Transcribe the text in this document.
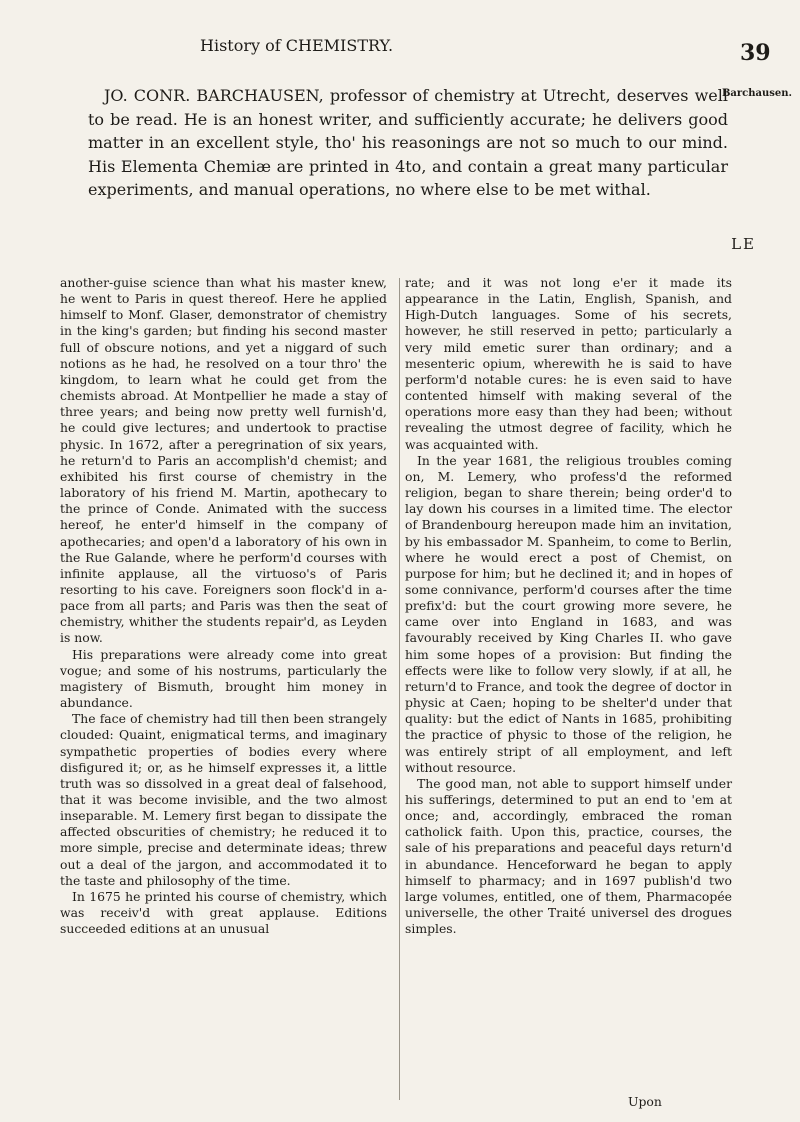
History of CHEMISTRY.	39
Barchausen.

JO. CONR. BARCHAUSEN, professor of chemistry at Utrecht, deserves well to be read. He is an honest writer, and sufficiently accurate; he delivers good matter in an excellent style, tho' his reasonings are not so much to our mind. His Elementa Chemiæ are printed in 4to, and contain a great many particular experiments, and manual operations, no where else to be met withal.

LE

another-guise science than what his master knew, he went to Paris in quest thereof. Here he applied himself to Monf. Glaser, demonstrator of chemistry in the king's garden; but finding his second master full of obscure notions, and yet a niggard of such notions as he had, he resolved on a tour thro' the kingdom, to learn what he could get from the chemists abroad. At Montpellier he made a stay of three years; and being now pretty well furnish'd, he could give lectures; and undertook to practise physic. In 1672, after a peregrination of six years, he return'd to Paris an accomplish'd chemist; and exhibited his first course of chemistry in the laboratory of his friend M. Martin, apothecary to the prince of Conde. Animated with the success hereof, he enter'd himself in the company of apothecaries; and open'd a laboratory of his own in the Rue Galande, where he perform'd courses with infinite applause, all the virtuoso's of Paris resorting to his cave. Foreigners soon flock'd in a-pace from all parts; and Paris was then the seat of chemistry, whither the students repair'd, as Leyden is now.

His preparations were already come into great vogue; and some of his nostrums, particularly the magistery of Bismuth, brought him money in abundance.

The face of chemistry had till then been strangely clouded: Quaint, enigmatical terms, and imaginary sympathetic properties of bodies every where disfigured it; or, as he himself expresses it, a little truth was so dissolved in a great deal of falsehood, that it was become invisible, and the two almost inseparable. M. Lemery first began to dissipate the affected obscurities of chemistry; he reduced it to more simple, precise and determinate ideas; threw out a deal of the jargon, and accommodated it to the taste and philosophy of the time.

In 1675 he printed his course of chemistry, which was receiv'd with great applause. Editions succeeded editions at an unusual

rate; and it was not long e'er it made its appearance in the Latin, English, Spanish, and High-Dutch languages. Some of his secrets, however, he still reserved in petto; particularly a very mild emetic surer than ordinary; and a mesenteric opium, wherewith he is said to have perform'd notable cures: he is even said to have contented himself with making several of the operations more easy than they had been; without revealing the utmost degree of facility, which he was acquainted with.

In the year 1681, the religious troubles coming on, M. Lemery, who profess'd the reformed religion, began to share therein; being order'd to lay down his courses in a limited time. The elector of Brandenbourg hereupon made him an invitation, by his embassador M. Spanheim, to come to Berlin, where he would erect a post of Chemist, on purpose for him; but he declined it; and in hopes of some connivance, perform'd courses after the time prefix'd: but the court growing more severe, he came over into England in 1683, and was favourably received by King Charles II. who gave him some hopes of a provision: But finding the effects were like to follow very slowly, if at all, he return'd to France, and took the degree of doctor in physic at Caen; hoping to be shelter'd under that quality: but the edict of Nants in 1685, prohibiting the practice of physic to those of the religion, he was entirely stript of all employment, and left without resource.

The good man, not able to support himself under his sufferings, determined to put an end to 'em at once; and, accordingly, embraced the roman catholick faith. Upon this, practice, courses, the sale of his preparations and peaceful days return'd in abundance. Henceforward he began to apply himself to pharmacy; and in 1697 publish'd two large volumes, entitled, one of them, Pharmacopée universelle, the other Traité universel des drogues simples.

Upon
